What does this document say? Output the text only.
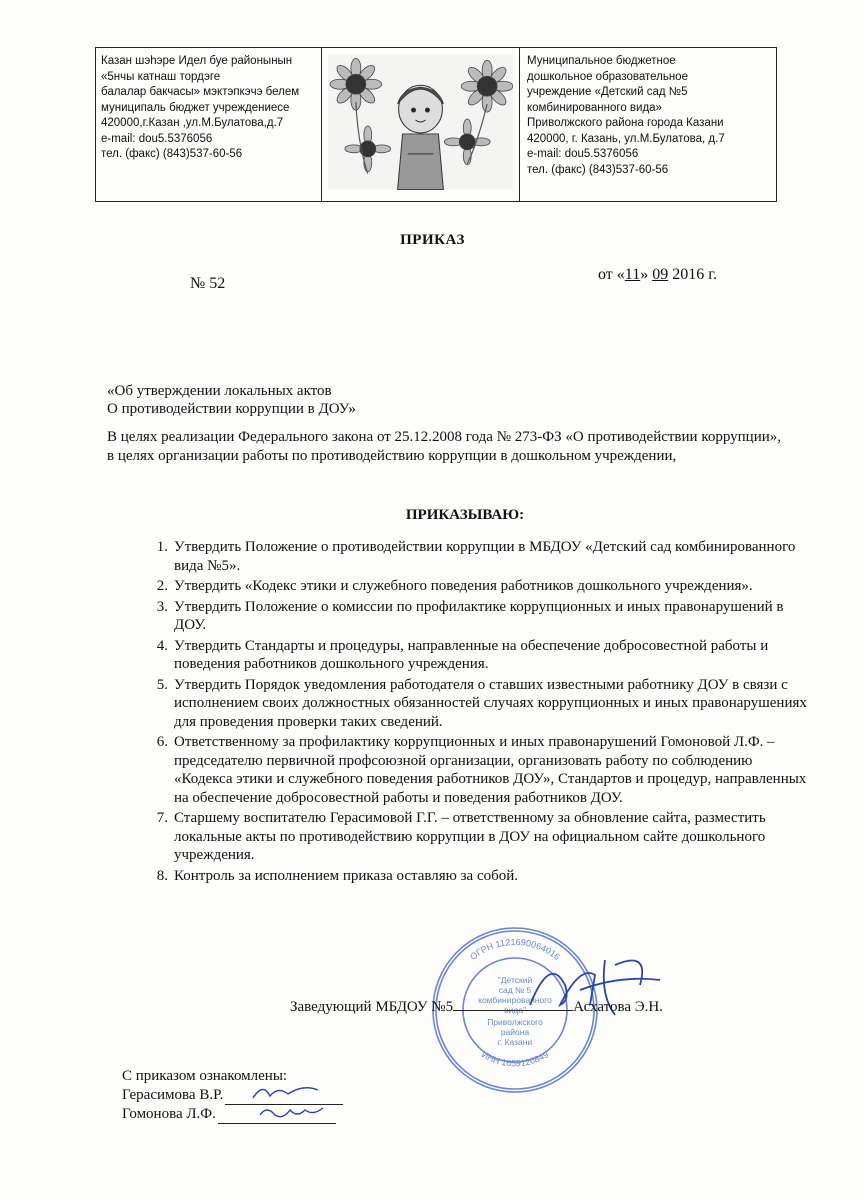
Казан шэһэре Идел буе районынын
«5нчы катнаш тордэге
балалар бакчасы» мэктэпкэчэ белем
муниципаль бюджет учреждениесе
420000,г.Казан ,ул.М.Булатова,д.7
e-mail: dou5.5376056
тел. (факс) (843)537-60-56
Муниципальное бюджетное
дошкольное образовательное
учреждение «Детский сад №5
комбинированного вида»
Приволжского района города Казани
420000, г. Казань, ул.М.Булатова, д.7
e-mail: dou5.5376056
тел. (факс) (843)537-60-56
ПРИКАЗ
№ 52
от «11» 09 2016 г.
«Об утверждении локальных актов
О противодействии коррупции в ДОУ»
В целях реализации Федерального закона от 25.12.2008 года № 273-ФЗ «О противодействии коррупции», в целях организации работы по противодействию коррупции в дошкольном учреждении,
ПРИКАЗЫВАЮ:
1. Утвердить Положение о противодействии коррупции в МБДОУ «Детский сад комбинированного вида №5».
2. Утвердить «Кодекс этики и служебного поведения работников дошкольного учреждения».
3. Утвердить Положение о комиссии по профилактике коррупционных и иных правонарушений в ДОУ.
4. Утвердить Стандарты и процедуры, направленные на обеспечение добросовестной работы и поведения работников дошкольного учреждения.
5. Утвердить Порядок уведомления работодателя о ставших известными работнику ДОУ в связи с исполнением своих должностных обязанностей случаях коррупционных и иных правонарушениях для проведения проверки таких сведений.
6. Ответственному за профилактику коррупционных и иных правонарушений Гомоновой Л.Ф. – председателю первичной профсоюзной организации, организовать работу по соблюдению «Кодекса этики и служебного поведения работников ДОУ», Стандартов и процедур, направленных на обеспечение добросовестной работы и поведения работников ДОУ.
7. Старшему воспитателю Герасимовой Г.Г. – ответственному за обновление сайта, разместить локальные акты по противодействию коррупции в ДОУ на официальном сайте дошкольного учреждения.
8. Контроль за исполнением приказа оставляю за собой.
ОГРН 1121690064016
ИНН 1659120849
"Детский
сад № 5
комбинированного
вида"
Приволжского
района
г. Казани
Заведующий МБДОУ №5	Асхатова Э.Н.
С приказом ознакомлены:
Герасимова В.Р.
Гомонова Л.Ф.
